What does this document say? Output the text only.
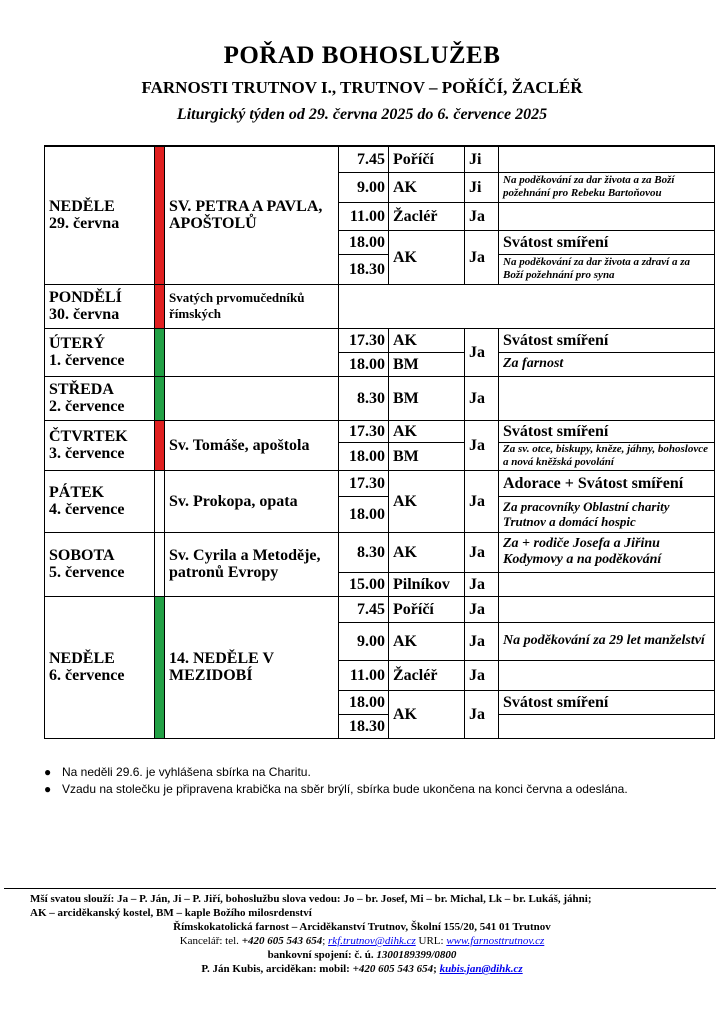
POŘAD BOHOSLUŽEB
FARNOSTI TRUTNOV I., TRUTNOV – POŘÍČÍ, ŽACLÉŘ
Liturgický týden od 29. června 2025 do 6. července 2025
NEDĚLE
29. června		SV. PETRA A PAVLA, APOŠTOLŮ	7.45	Poříčí	Ji	
			9.00	AK	Ji	Na poděkování za dar života a za Boží požehnání pro Rebeku Bartoňovou
			11.00	Žacléř	Ja	
			18.00	AK	Ja	Svátost smíření
			18.30			Na poděkování za dar života a zdraví a za Boží požehnání pro syna
PONDĚLÍ
30. června		Svatých prvomučedníků římských				
ÚTERÝ
1. července			17.30	AK	Ja	Svátost smíření
			18.00	BM		Za farnost
STŘEDA
2. července			8.30	BM	Ja	
ČTVRTEK
3. července		Sv. Tomáše, apoštola	17.30	AK	Ja	Svátost smíření
			18.00	BM		Za sv. otce, biskupy, kněze, jáhny, bohoslovce a nová kněžská povolání
PÁTEK
4. července		Sv. Prokopa, opata	17.30	AK	Ja	Adorace + Svátost smíření
			18.00			Za pracovníky Oblastní charity Trutnov a domácí hospic
SOBOTA
5. července		Sv. Cyrila a Metoděje, patronů Evropy	8.30	AK	Ja	Za + rodiče Josefa a Jiřinu Kodymovy a na poděkování
			15.00	Pilníkov	Ja	
NEDĚLE
6. července		14. NEDĚLE V MEZIDOBÍ	7.45	Poříčí	Ja	
			9.00	AK	Ja	Na poděkování za 29 let manželství
			11.00	Žacléř	Ja	
			18.00	AK	Ja	Svátost smíření
			18.30			
● Na neděli 29.6. je vyhlášena sbírka na Charitu.
● Vzadu na stolečku je připravena krabička na sběr brýlí, sbírka bude ukončena na konci června a odeslána.
Mší svatou slouží: Ja – P. Ján, Ji – P. Jiří, bohoslužbu slova vedou: Jo – br. Josef, Mi – br. Michal, Lk – br. Lukáš, jáhni;
AK – arciděkanský kostel, BM – kaple Božího milosrdenství
Římskokatolická farnost – Arciděkanství Trutnov, Školní 155/20, 541 01 Trutnov
Kancelář: tel. +420 605 543 654; rkf.trutnov@dihk.cz URL: www.farnosttrutnov.cz
bankovní spojení: č. ú. 1300189399/0800
P. Ján Kubis, arciděkan: mobil: +420 605 543 654; kubis.jan@dihk.cz
